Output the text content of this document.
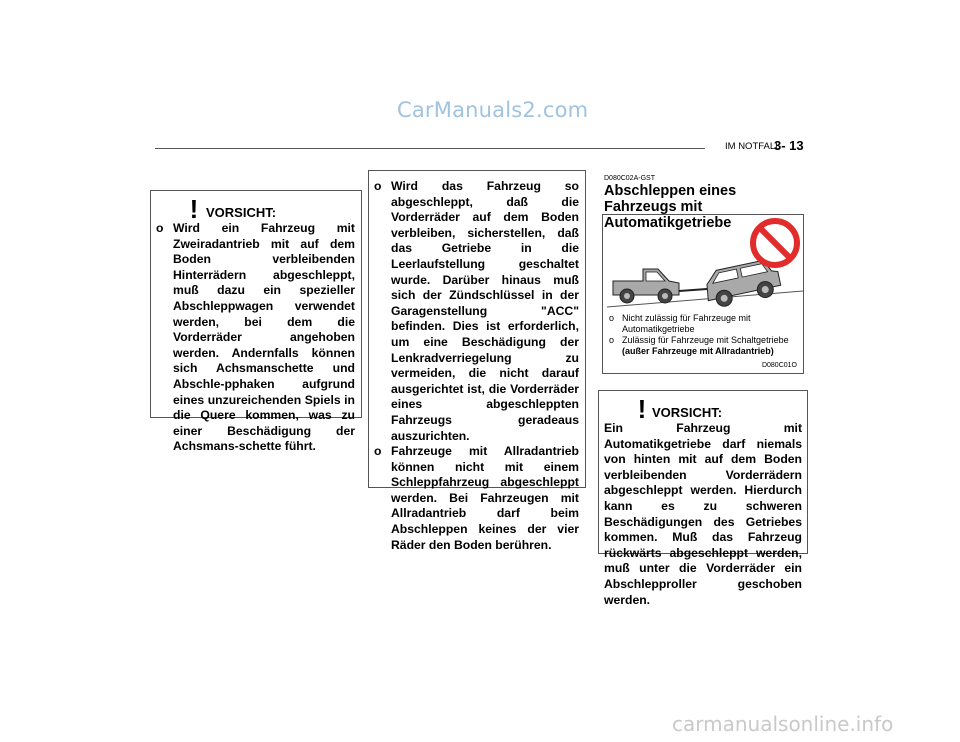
CarManuals2.com
IM NOTFALL
3- 13
! VORSICHT:
o Wird ein Fahrzeug mit Zweiradantrieb mit auf dem Boden verbleibenden Hinterrädern abgeschleppt, muß dazu ein spezieller Abschleppwagen verwendet werden, bei dem die Vorderräder angehoben werden. Andernfalls können sich Achsmanschette und Abschle-pphaken aufgrund eines unzureichenden Spiels in die Quere kommen, was zu einer Beschädigung der Achsmans-schette führt.
o Wird das Fahrzeug so abgeschleppt, daß die Vorderräder auf dem Boden verbleiben, sicherstellen, daß das Getriebe in die Leerlaufstellung geschaltet wurde. Darüber hinaus muß sich der Zündschlüssel in der Garagenstellung "ACC" befinden. Dies ist erforderlich, um eine Beschädigung der Lenkradverriegelung zu vermeiden, die nicht darauf ausgerichtet ist, die Vorderräder eines abgeschleppten Fahrzeugs geradeaus auszurichten.
o Fahrzeuge mit Allradantrieb können nicht mit einem Schleppfahrzeug abgeschleppt werden. Bei Fahrzeugen mit Allradantrieb darf beim Abschleppen keines der vier Räder den Boden berühren.
D080C02A-GST
Abschleppen eines Fahrzeugs mit Automatikgetriebe
o Nicht zulässig für Fahrzeuge mit Automatikgetriebe
o Zulässig für Fahrzeuge mit Schaltgetriebe
(außer Fahrzeuge mit Allradantrieb)
D080C01O
! VORSICHT:
Ein Fahrzeug mit Automatikgetriebe darf niemals von hinten mit auf dem Boden verbleibenden Vorderrädern abgeschleppt werden. Hierdurch kann es zu schweren Beschädigungen des Getriebes kommen. Muß das Fahrzeug rückwärts abgeschleppt werden, muß unter die Vorderräder ein Abschlepproller geschoben werden.
carmanualsonline.info
